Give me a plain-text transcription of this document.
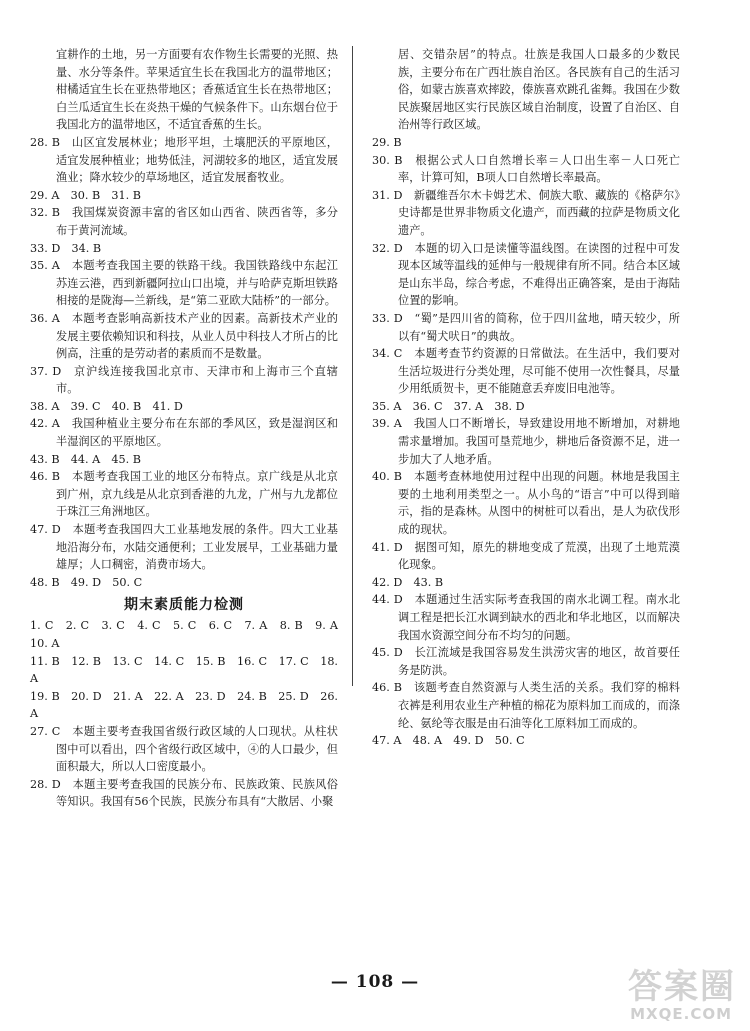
宜耕作的土地，另一方面要有农作物生长需要的光照、热量、水分等条件。苹果适宜生长在我国北方的温带地区；柑橘适宜生长在亚热带地区；香蕉适宜生长在热带地区；白兰瓜适宜生长在炎热干燥的气候条件下。山东烟台位于我国北方的温带地区，不适宜香蕉的生长。
28. B　山区宜发展林业；地形平坦，土壤肥沃的平原地区，适宜发展种植业；地势低洼，河湖较多的地区，适宜发展渔业；降水较少的草场地区，适宜发展畜牧业。
29. A　30. B　31. B
32. B　我国煤炭资源丰富的省区如山西省、陕西省等，多分布于黄河流域。
33. D　34. B
35. A　本题考查我国主要的铁路干线。我国铁路线中东起江苏连云港，西到新疆阿拉山口出境，并与哈萨克斯坦铁路相接的是陇海—兰新线，是“第二亚欧大陆桥”的一部分。
36. A　本题考查影响高新技术产业的因素。高新技术产业的发展主要依赖知识和科技，从业人员中科技人才所占的比例高，注重的是劳动者的素质而不是数量。
37. D　京沪线连接我国北京市、天津市和上海市三个直辖市。
38. A　39. C　40. B　41. D
42. A　我国种植业主要分布在东部的季风区，致是湿润区和半湿润区的平原地区。
43. B　44. A　45. B
46. B　本题考查我国工业的地区分布特点。京广线是从北京到广州，京九线是从北京到香港的九龙，广州与九龙都位于珠江三角洲地区。
47. D　本题考查我国四大工业基地发展的条件。四大工业基地沿海分布，水陆交通便利；工业发展早，工业基础力量雄厚；人口稠密，消费市场大。
48. B　49. D　50. C
期末素质能力检测
1. C　2. C　3. C　4. C　5. C　6. C　7. A　8. B　9. A　10. A
11. B　12. B　13. C　14. C　15. B　16. C　17. C　18. A
19. B　20. D　21. A　22. A　23. D　24. B　25. D　26. A
27. C　本题主要考查我国省级行政区域的人口现状。从柱状图中可以看出，四个省级行政区域中，④的人口最少，但面积最大，所以人口密度最小。
28. D　本题主要考查我国的民族分布、民族政策、民族风俗等知识。我国有56个民族，民族分布具有“大散居、小聚
居、交错杂居”的特点。壮族是我国人口最多的少数民族，主要分布在广西壮族自治区。各民族有自己的生活习俗，如蒙古族喜欢摔跤，傣族喜欢跳孔雀舞。我国在少数民族聚居地区实行民族区域自治制度，设置了自治区、自治州等行政区域。
29. B
30. B　根据公式人口自然增长率＝人口出生率－人口死亡率，计算可知，B项人口自然增长率最高。
31. D　新疆维吾尔木卡姆艺术、侗族大歌、藏族的《格萨尔》史诗都是世界非物质文化遗产，而西藏的拉萨是物质文化遗产。
32. D　本题的切入口是读懂等温线图。在读图的过程中可发现本区域等温线的延伸与一般规律有所不同。结合本区域是山东半岛，综合考虑，不难得出正确答案，是由于海陆位置的影响。
33. D　“蜀”是四川省的简称，位于四川盆地，晴天较少，所以有“蜀犬吠日”的典故。
34. C　本题考查节约资源的日常做法。在生活中，我们要对生活垃圾进行分类处理，尽可能不使用一次性餐具，尽量少用纸质贺卡，更不能随意丢弃废旧电池等。
35. A　36. C　37. A　38. D
39. A　我国人口不断增长，导致建设用地不断增加，对耕地需求量增加。我国可垦荒地少，耕地后备资源不足，进一步加大了人地矛盾。
40. B　本题考查林地使用过程中出现的问题。林地是我国主要的土地利用类型之一。从小鸟的“语言”中可以得到暗示，指的是森林。从图中的树桩可以看出，是人为砍伐形成的现状。
41. D　据图可知，原先的耕地变成了荒漠，出现了土地荒漠化现象。
42. D　43. B
44. D　本题通过生活实际考查我国的南水北调工程。南水北调工程是把长江水调到缺水的西北和华北地区，以而解决我国水资源空间分布不均匀的问题。
45. D　长江流域是我国容易发生洪涝灾害的地区，故首要任务是防洪。
46. B　该题考查自然资源与人类生活的关系。我们穿的棉料衣裤是利用农业生产种植的棉花为原料加工而成的，而涤纶、氨纶等衣服是由石油等化工原料加工而成的。
47. A　48. A　49. D　50. C
— 108 —	答案圈
MXQE.COM
